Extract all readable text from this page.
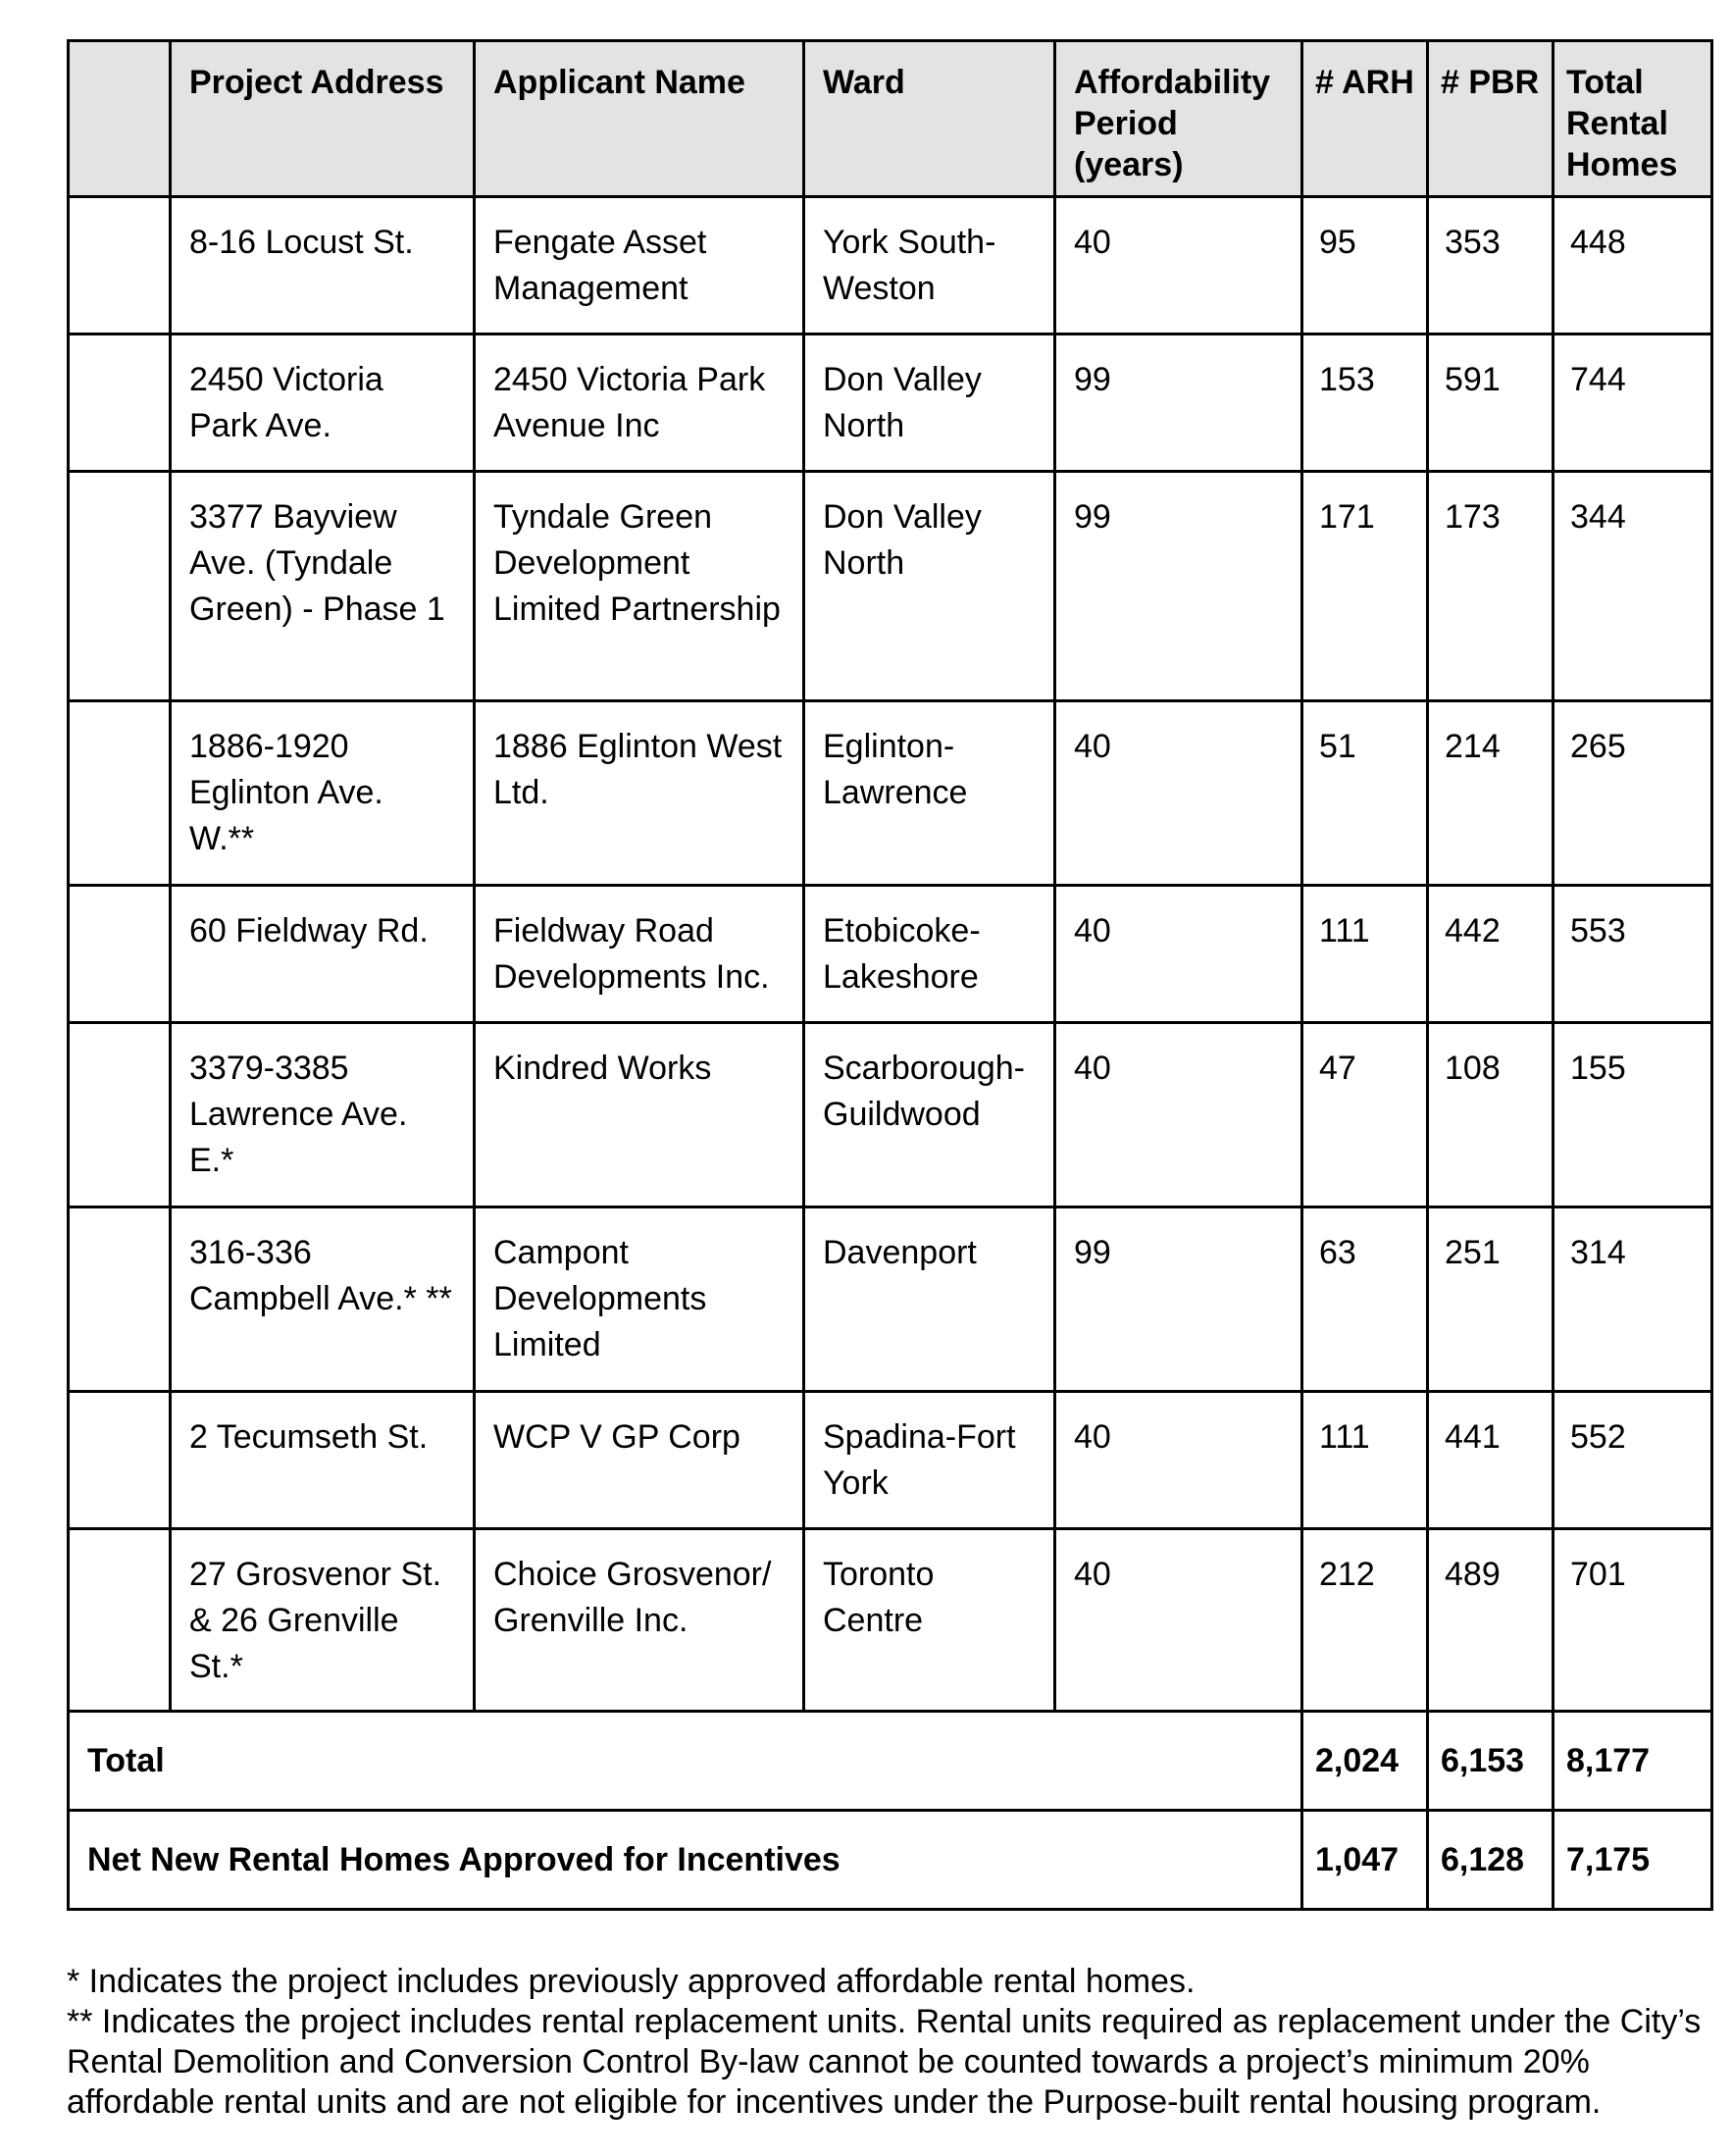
	Project Address	Applicant Name	Ward	Affordability Period (years)	# ARH	# PBR	Total Rental Homes
	8-16 Locust St.	Fengate Asset Management	York South-Weston	40	95	353	448
	2450 Victoria Park Ave.	2450 Victoria Park Avenue Inc	Don Valley North	99	153	591	744
	3377 Bayview Ave. (Tyndale Green) - Phase 1	Tyndale Green Development Limited Partnership	Don Valley North	99	171	173	344
	1886-1920 Eglinton Ave. W.**	1886 Eglinton West Ltd.	Eglinton-Lawrence	40	51	214	265
	60 Fieldway Rd.	Fieldway Road Developments Inc.	Etobicoke-Lakeshore	40	111	442	553
	3379-3385 Lawrence Ave. E.*	Kindred Works	Scarborough-Guildwood	40	47	108	155
	316-336 Campbell Ave.* **	Campont Developments Limited	Davenport	99	63	251	314
	2 Tecumseth St.	WCP V GP Corp	Spadina-Fort York	40	111	441	552
	27 Grosvenor St. & 26 Grenville St.*	Choice Grosvenor/ Grenville Inc.	Toronto Centre	40	212	489	701
Total					2,024	6,153	8,177
Net New Rental Homes Approved for Incentives					1,047	6,128	7,175

* Indicates the project includes previously approved affordable rental homes.

** Indicates the project includes rental replacement units. Rental units required as replacement under the City’s Rental Demolition and Conversion Control By-law cannot be counted towards a project’s minimum 20% affordable rental units and are not eligible for incentives under the Purpose-built rental housing program.
